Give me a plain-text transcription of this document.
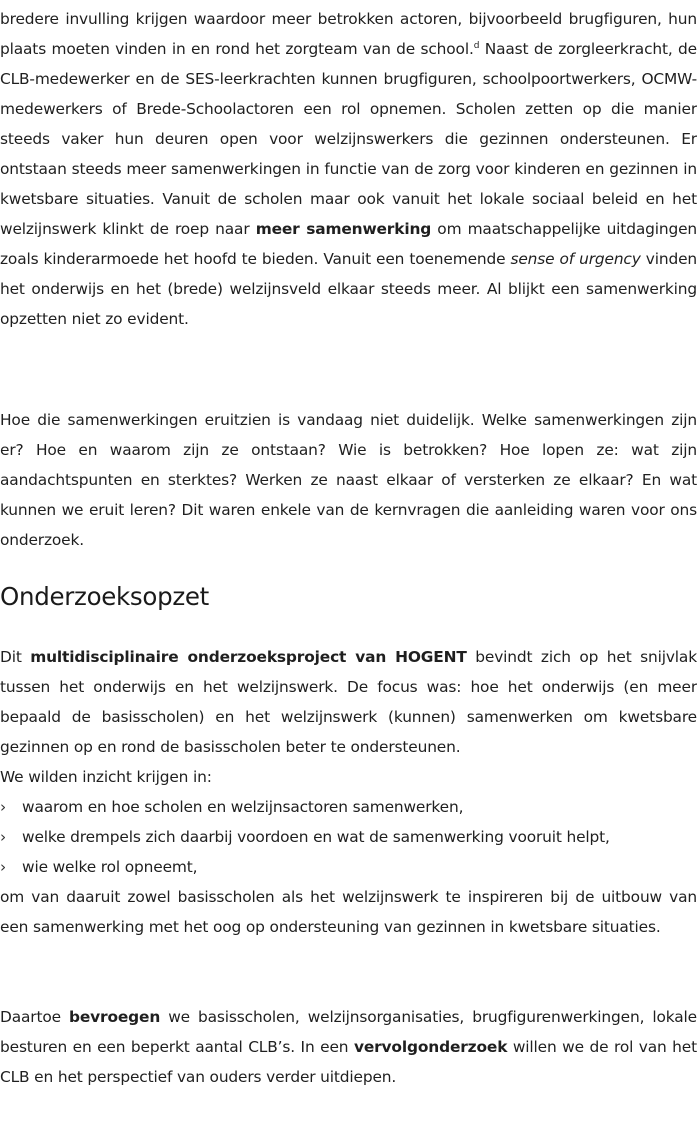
bredere invulling krijgen waardoor meer betrokken actoren, bijvoorbeeld brugfiguren, hun plaats moeten vinden in en rond het zorgteam van de school.$^d$ Naast de zorgleerkracht, de CLB-medewerker en de SES-leerkrachten kunnen brugfiguren, schoolpoortwerkers, OCMW-medewerkers of Brede-Schoolactoren een rol opnemen. Scholen zetten op die manier steeds vaker hun deuren open voor welzijnswerkers die gezinnen ondersteunen. Er ontstaan steeds meer samenwerkingen in functie van de zorg voor kinderen en gezinnen in kwetsbare situaties. Vanuit de scholen maar ook vanuit het lokale sociaal beleid en het welzijnswerk klinkt de roep naar meer samenwerking om maatschappelijke uitdagingen zoals kinderarmoede het hoofd te bieden. Vanuit een toenemende sense of urgency vinden het onderwijs en het (brede) welzijnsveld elkaar steeds meer. Al blijkt een samenwerking opzetten niet zo evident.

Hoe die samenwerkingen eruitzien is vandaag niet duidelijk. Welke samenwerkingen zijn er? Hoe en waarom zijn ze ontstaan? Wie is betrokken? Hoe lopen ze: wat zijn aandachtspunten en sterktes? Werken ze naast elkaar of versterken ze elkaar? En wat kunnen we eruit leren? Dit waren enkele van de kernvragen die aanleiding waren voor ons onderzoek.

Onderzoeksopzet

Dit multidisciplinaire onderzoeksproject van HOGENT bevindt zich op het snijvlak tussen het onderwijs en het welzijnswerk. De focus was: hoe het onderwijs (en meer bepaald de basisscholen) en het welzijnswerk (kunnen) samenwerken om kwetsbare gezinnen op en rond de basisscholen beter te ondersteunen.

We wilden inzicht krijgen in:

› waarom en hoe scholen en welzijnsactoren samenwerken,
› welke drempels zich daarbij voordoen en wat de samenwerking vooruit helpt,
› wie welke rol opneemt,

om van daaruit zowel basisscholen als het welzijnswerk te inspireren bij de uitbouw van een samenwerking met het oog op ondersteuning van gezinnen in kwetsbare situaties.

Daartoe bevroegen we basisscholen, welzijnsorganisaties, brugfigurenwerkingen, lokale besturen en een beperkt aantal CLB’s. In een vervolgonderzoek willen we de rol van het CLB en het perspectief van ouders verder uitdiepen.
